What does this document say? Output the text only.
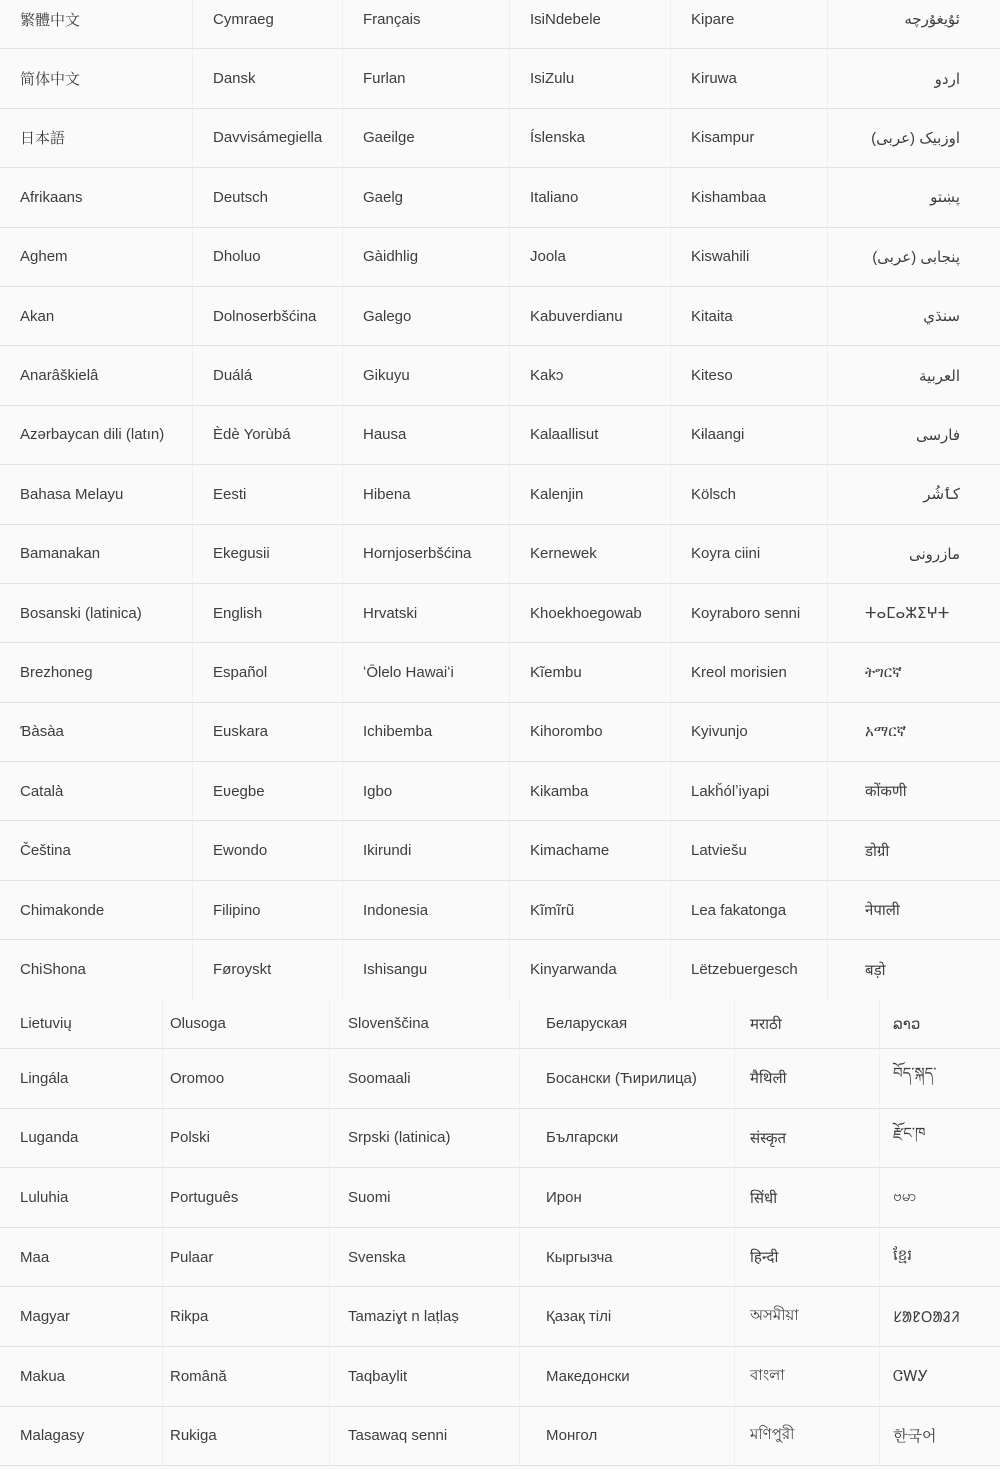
繁體中文	Cymraeg	Français	IsiNdebele	Kipare	ئۇيغۇرچە
简体中文	Dansk	Furlan	IsiZulu	Kiruwa	اردو
日本語	Davvisámegiella	Gaeilge	Íslenska	Kisampur	اوزبیک (عربی)
Afrikaans	Deutsch	Gaelg	Italiano	Kishambaa	پښتو
Aghem	Dholuo	Gàidhlig	Joola	Kiswahili	پنجابی (عربی)
Akan	Dolnoserbšćina	Galego	Kabuverdianu	Kitaita	سنڌي
Anarâškielâ	Duálá	Gikuyu	Kakɔ	Kiteso	العربية
Azərbaycan dili (latın)	Èdè Yorùbá	Hausa	Kalaallisut	Kɨlaangi	فارسی
Bahasa Melayu	Eesti	Hibena	Kalenjin	Kölsch	کٲشُر
Bamanakan	Ekegusii	Hornjoserbšćina	Kernewek	Koyra ciini	مازرونی
Bosanski (latinica)	English	Hrvatski	Khoekhoegowab	Koyraboro senni	ⵜⴰⵎⴰⵣⵉⵖⵜ
Brezhoneg	Español	ʻŌlelo Hawaiʻi	Kĩembu	Kreol morisien	ትግርኛ
Ɓàsàa	Euskara	Ichibemba	Kihorombo	Kyivunjo	አማርኛ
Català	Eʋegbe	Igbo	Kikamba	Lakȟólʼiyapi	कोंकणी
Čeština	Ewondo	Ikirundi	Kimachame	Latviešu	डोग्री
Chimakonde	Filipino	Indonesia	Kĩmĩrũ	Lea fakatonga	नेपाली
ChiShona	Føroyskt	Ishisangu	Kinyarwanda	Lëtzebuergesch	बड़ो
Lietuvių	Olusoga	Slovenščina	Беларуская	मराठी	ລາວ
Lingála	Oromoo	Soomaali	Босански (Ћирилица)	मैथिली	བོད་སྐད་
Luganda	Polski	Srpski (latinica)	Български	संस्कृत	རྫོང་ཁ
Luluhia	Português	Suomi	Ирон	सिंधी	ဗမာ
Maa	Pulaar	Svenska	Кыргызча	हिन्दी	ខ្មែរ
Magyar	Rikpa	Tamaziɣt n laṭlaṣ	Қазақ тілі	অসমীয়া	ᱥᱟᱱᱛᱟᱲᱤ
Makua	Română	Taqbaylit	Македонски	বাংলা	ᏣᎳᎩ
Malagasy	Rukiga	Tasawaq senni	Монгол	মণিপুরী	한국어
